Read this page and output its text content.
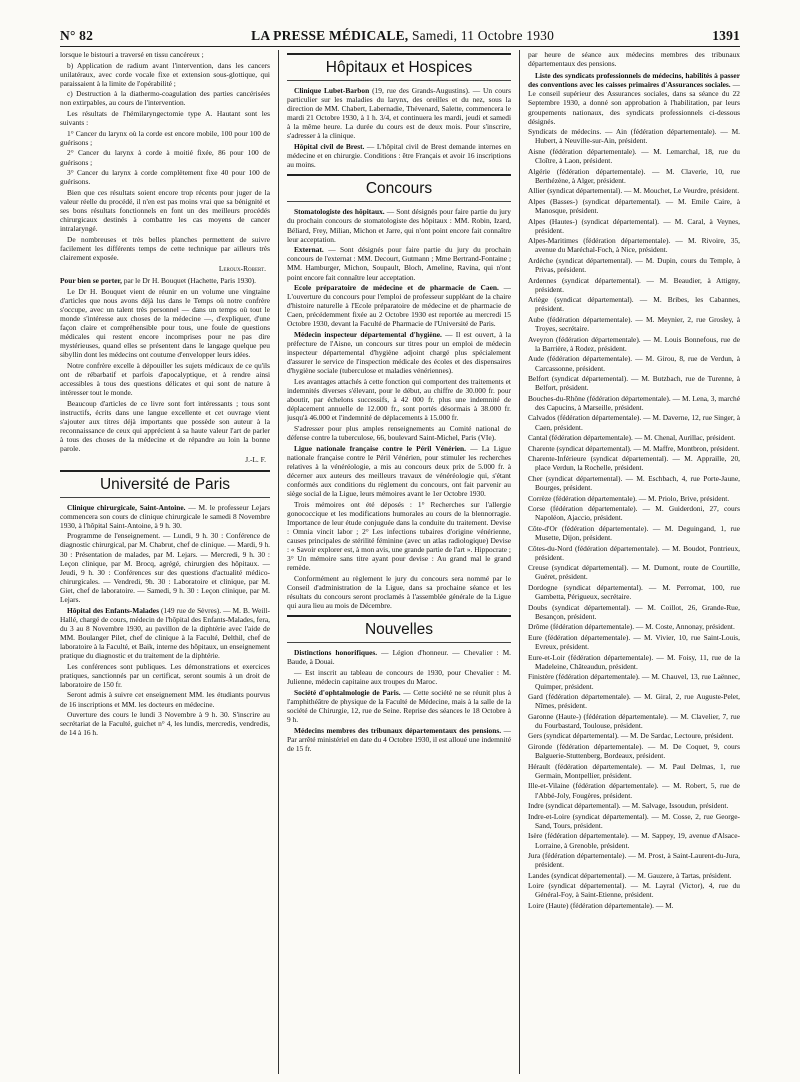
N° 82	LA PRESSE MÉDICALE, Samedi, 11 Octobre 1930	1391

lorsque le bistouri a traversé en tissu cancéreux ;

b) Application de radium avant l'intervention, dans les cancers unilatéraux, avec corde vocale fixe et extension sous-glottique, qui paraissaient à la limite de l'opérabilité ;

c) Destruction à la diathermo-coagulation des parties cancérisées non extirpables, au cours de l'intervention.

Les résultats de l'hémilaryngectomie type A. Hautant sont les suivants :

1° Cancer du larynx où la corde est encore mobile, 100 pour 100 de guérisons ;

2° Cancer du larynx à corde à moitié fixée, 86 pour 100 de guérisons ;

3° Cancer du larynx à corde complètement fixe 40 pour 100 de guérisons.

Bien que ces résultats soient encore trop récents pour juger de la valeur réelle du procédé, il n'en est pas moins vrai que sa bénignité et ses bons résultats fonctionnels en font un des meilleurs procédés chirurgicaux destinés à combattre les cas moyens de cancer intralaryngé.

De nombreuses et très belles planches permettent de suivre facilement les différents temps de cette technique par ailleurs très clairement exposée.

Leroux-Robert.

Pour bien se porter, par le Dr H. Bouquet (Hachette, Paris 1930).

Le Dr H. Bouquet vient de réunir en un volume une vingtaine d'articles que nous avons déjà lus dans le Temps où notre confrère s'occupe, avec un talent très personnel — dans un temps où tout le monde s'intéresse aux choses de la médecine —, d'expliquer, d'une façon claire et compréhensible pour tous, une foule de questions médicales qui restent encore incomprises pour ne pas dire mystérieuses, quand elles se présentent dans le langage quelque peu sibyllin dont les médecins ont coutume d'envelopper leurs idées.

Notre confrère excelle à dépouiller les sujets médicaux de ce qu'ils ont de rébarbatif et parfois d'apocalyptique, et à rendre ainsi accessibles à tous des questions délicates et qui sont de nature à intéresser tout le monde.

Beaucoup d'articles de ce livre sont fort intéressants ; tous sont instructifs, écrits dans une langue excellente et cet ouvrage vient s'ajouter aux titres déjà importants que possède son auteur à la reconnaissance de ceux qui apprécient à sa haute valeur l'art de parler à tous des choses de la médecine et de répandre au loin la bonne parole.

J.-L. F.
Université de Paris

Clinique chirurgicale, Saint-Antoine. — M. le professeur Lejars commencera son cours de clinique chirurgicale le samedi 8 Novembre 1930, à l'hôpital Saint-Antoine, à 9 h. 30.

Programme de l'enseignement. — Lundi, 9 h. 30 : Conférence de diagnostic chirurgical, par M. Chabrut, chef de clinique. — Mardi, 9 h. 30 : Présentation de malades, par M. Lejars. — Mercredi, 9 h. 30 : Leçon clinique, par M. Brocq, agrégé, chirurgien des hôpitaux. — Jeudi, 9 h. 30 : Conférences sur des questions d'actualité médico-chirurgicales. — Vendredi, 9h. 30 : Laboratoire et clinique, par M. Giet, chef de laboratoire. — Samedi, 9 h. 30 : Leçon clinique, par M. Lejars.

Hôpital des Enfants-Malades (149 rue de Sèvres). — M. B. Weill-Hallé, chargé de cours, médecin de l'hôpital des Enfants-Malades, fera, du 3 au 8 Novembre 1930, au pavillon de la diphtérie avec l'aide de MM. Boulanger Pilet, chef de clinique à la Faculté, Delthil, chef de laboratoire à la Faculté, et Baik, interne des hôpitaux, un enseignement pratique du diagnostic et du traitement de la diphtérie.

Les conférences sont publiques. Les démonstrations et exercices pratiques, sanctionnés par un certificat, seront soumis à un droit de laboratoire de 150 fr.

Seront admis à suivre cet enseignement MM. les étudiants pourvus de 16 inscriptions et MM. les docteurs en médecine.

Ouverture des cours le lundi 3 Novembre à 9 h. 30. S'inscrire au secrétariat de la Faculté, guichet n° 4, les lundis, mercredis, vendredis, de 14 à 16 h.

Hôpitaux et Hospices

Clinique Lubet-Barbon (19, rue des Grands-Augustins). — Un cours particulier sur les maladies du larynx, des oreilles et du nez, sous la direction de MM. Chabert, Labernadie, Thévenard, Salette, commencera le mardi 21 Octobre 1930, à 1 h. 3/4, et continuera les mardi, jeudi et samedi à la même heure. La durée du cours est de deux mois. Pour s'inscrire, s'adresser à la clinique.

Hôpital civil de Brest. — L'hôpital civil de Brest demande internes en médecine et en chirurgie. Conditions : être Français et avoir 16 inscriptions au moins.

Concours

Stomatologiste des hôpitaux. — Sont désignés pour faire partie du jury du prochain concours de stomatologiste des hôpitaux : MM. Robin, Izard, Béliard, Frey, Milian, Michon et Jarre, qui n'ont point encore fait connaître leur acceptation.

Externat. — Sont désignés pour faire partie du jury du prochain concours de l'externat : MM. Decourt, Gutmann ; Mme Bertrand-Fontaine ; MM. Hamburger, Michon, Soupault, Bloch, Ameline, Ravina, qui n'ont point encore fait connaître leur acceptation.

Ecole préparatoire de médecine et de pharmacie de Caen. — L'ouverture du concours pour l'emploi de professeur suppléant de la chaire d'histoire naturelle à l'Ecole préparatoire de médecine et de pharmacie de Caen, précédemment fixée au 2 Octobre 1930 est reportée au mercredi 15 Octobre 1930, devant la Faculté de Pharmacie de l'Université de Paris.

Médecin inspecteur départemental d'hygiène. — Il est ouvert, à la préfecture de l'Aisne, un concours sur titres pour un emploi de médecin inspecteur départemental d'hygiène adjoint chargé plus spécialement d'assurer le service de l'inspection médicale des écoles et des dispensaires d'hygiène sociale (tuberculose et maladies vénériennes).

Les avantages attachés à cette fonction qui comportent des traitements et indemnités diverses s'élevant, pour le début, au chiffre de 30.000 fr. pour aboutir, par échelons successifs, à 42 000 fr. plus une indemnité de déplacement annuelle de 12.000 fr., sont portés désormais à 38.000 fr. jusqu'à 46.000 et l'indemnité de déplacements à 15.000 fr.

S'adresser pour plus amples renseignements au Comité national de défense contre la tuberculose, 66, boulevard Saint-Michel, Paris (VIe).

Ligue nationale française contre le Péril Vénérien. — La Ligue nationale française contre le Péril Vénérien, pour stimuler les recherches relatives à la vénéréologie, a mis au concours deux prix de 5.000 fr. à décerner aux auteurs des meilleurs travaux de vénéréologie qui, s'étant conformés aux conditions du règlement du concours, ont fait parvenir au siège social de la Ligue, leurs mémoires avant le 1er Octobre 1930.

Trois mémoires ont été déposés : 1° Recherches sur l'allergie gonococcique et les modifications humorales au cours de la blennorragie. Importance de leur étude conjuguée dans la conduite du traitement. Devise : Omnia vincit labor ; 2° Les infections tubaires d'origine vénérienne, causes principales de stérilité féminine (avec un atlas radiologique) Devise : « Savoir explorer est, à mon avis, une grande partie de l'art ». Hippocrate ; 3° Un mémoire sans titre ayant pour devise : Au grand mal le grand remède.

Conformément au règlement le jury du concours sera nommé par le Conseil d'administration de la Ligue, dans sa prochaine séance et les résultats du concours seront proclamés à l'assemblée générale de la Ligue qui aura lieu au mois de Décembre.

Nouvelles

Distinctions honorifiques. — Légion d'honneur. — Chevalier : M. Baude, à Douai.

— Est inscrit au tableau de concours de 1930, pour Chevalier : M. Julienne, médecin capitaine aux troupes du Maroc.

Société d'ophtalmologie de Paris. — Cette société ne se réunit plus à l'amphithéâtre de physique de la Faculté de Médecine, mais à la salle de la société de Chirurgie, 12, rue de Seine. Reprise des séances le 18 Octobre à 9 h.

Médecins membres des tribunaux départementaux des pensions. — Par arrêté ministériel en date du 4 Octobre 1930, il est alloué une indemnité de 15 fr.

par heure de séance aux médecins membres des tribunaux départementaux des pensions.

Liste des syndicats professionnels de médecins, habilités à passer des conventions avec les caisses primaires d'Assurances sociales. — Le conseil supérieur des Assurances sociales, dans sa séance du 22 Septembre 1930, a donné son approbation à l'habilitation, par leurs groupements nationaux, des syndicats professionnels ci-dessous désignés.

Syndicats de médecins. — Ain (fédération départementale). — M. Hubert, à Neuville-sur-Ain, président.

Aisne (fédération départementale). — M. Lemarchal, 18, rue du Cloître, à Laon, président.

Algérie (fédération départementale). — M. Claverie, 10, rue Berthézène, à Alger, président.

Allier (syndicat départemental). — M. Mouchet, Le Veurdre, président.

Alpes (Basses-) (syndicat départemental). — M. Emile Caire, à Manosque, président.

Alpes (Hautes-) (syndicat départemental). — M. Caral, à Veynes, président.

Alpes-Maritimes (fédération départementale). — M. Rivoire, 35, avenue du Maréchal-Foch, à Nice, président.

Ardèche (syndicat départemental). — M. Dupin, cours du Temple, à Privas, président.

Ardennes (syndicat départemental). — M. Beaudier, à Attigny, président.

Ariège (syndicat départemental). — M. Bribes, les Cabannes, président.

Aube (fédération départementale). — M. Meynier, 2, rue Grosley, à Troyes, secrétaire.

Aveyron (fédération départementale). — M. Louis Bonnefous, rue de la Barrière, à Rodez, président.

Aude (fédération départementale). — M. Girou, 8, rue de Verdun, à Carcassonne, président.

Belfort (syndicat départemental). — M. Butzbach, rue de Turenne, à Belfort, président.

Bouches-du-Rhône (fédération départementale). — M. Lena, 3, marché des Capucins, à Marseille, président.

Calvados (fédération départementale). — M. Daverne, 12, rue Singer, à Caen, président.

Cantal (fédération départementale). — M. Chenal, Aurillac, président.

Charente (syndicat départemental). — M. Maffre, Montbron, président.

Charente-Inférieure (syndicat départemental). — M. Appraille, 20, place Verdun, la Rochelle, président.

Cher (syndicat départemental). — M. Eschbach, 4, rue Porte-Jaune, Bourges, président.

Corrèze (fédération départementale). — M. Priolo, Brive, président.

Corse (fédération départementale). — M. Guiderdoni, 27, cours Napoléon, Ajaccio, président.

Côte-d'Or (fédération départementale). — M. Deguingand, 1, rue Musette, Dijon, président.

Côtes-du-Nord (fédération départementale). — M. Boudot, Pontrieux, président.

Creuse (syndicat départemental). — M. Dumont, route de Courtille, Guéret, président.

Dordogne (syndicat départemental). — M. Perromat, 100, rue Gambetta, Périgueux, secrétaire.

Doubs (syndicat départemental). — M. Coillot, 26, Grande-Rue, Besançon, président.

Drôme (fédération départementale). — M. Coste, Annonay, président.

Eure (fédération départementale). — M. Vivier, 10, rue Saint-Louis, Evreux, président.

Eure-et-Loir (fédération départementale). — M. Foisy, 11, rue de la Madeleine, Châteaudun, président.

Finistère (fédération départementale). — M. Chauvel, 13, rue Laënnec, Quimper, président.

Gard (fédération départementale). — M. Giral, 2, rue Auguste-Pelet, Nîmes, président.

Garonne (Haute-) (fédération départementale). — M. Clavelier, 7, rue du Fourbastard, Toulouse, président.

Gers (syndicat départemental). — M. De Sardac, Lectoure, président.

Gironde (fédération départementale). — M. De Coquet, 9, cours Balguerie-Stuttenberg, Bordeaux, président.

Hérault (fédération départementale). — M. Paul Delmas, 1, rue Germain, Montpellier, président.

Ille-et-Vilaine (fédération départementale). — M. Robert, 5, rue de l'Abbé-Joly, Fougères, président.

Indre (syndicat départemental). — M. Salvage, Issoudun, président.

Indre-et-Loire (syndicat départemental). — M. Cosse, 2, rue George-Sand, Tours, président.

Isère (fédération départementale). — M. Sappey, 19, avenue d'Alsace-Lorraine, à Grenoble, président.

Jura (fédération départementale). — M. Prost, à Saint-Laurent-du-Jura, président.

Landes (syndicat départemental). — M. Gauzere, à Tartas, président.

Loire (syndicat départemental). — M. Layral (Victor), 4, rue du Général-Foy, à Saint-Etienne, président.

Loire (Haute) (fédération départementale). — M.
